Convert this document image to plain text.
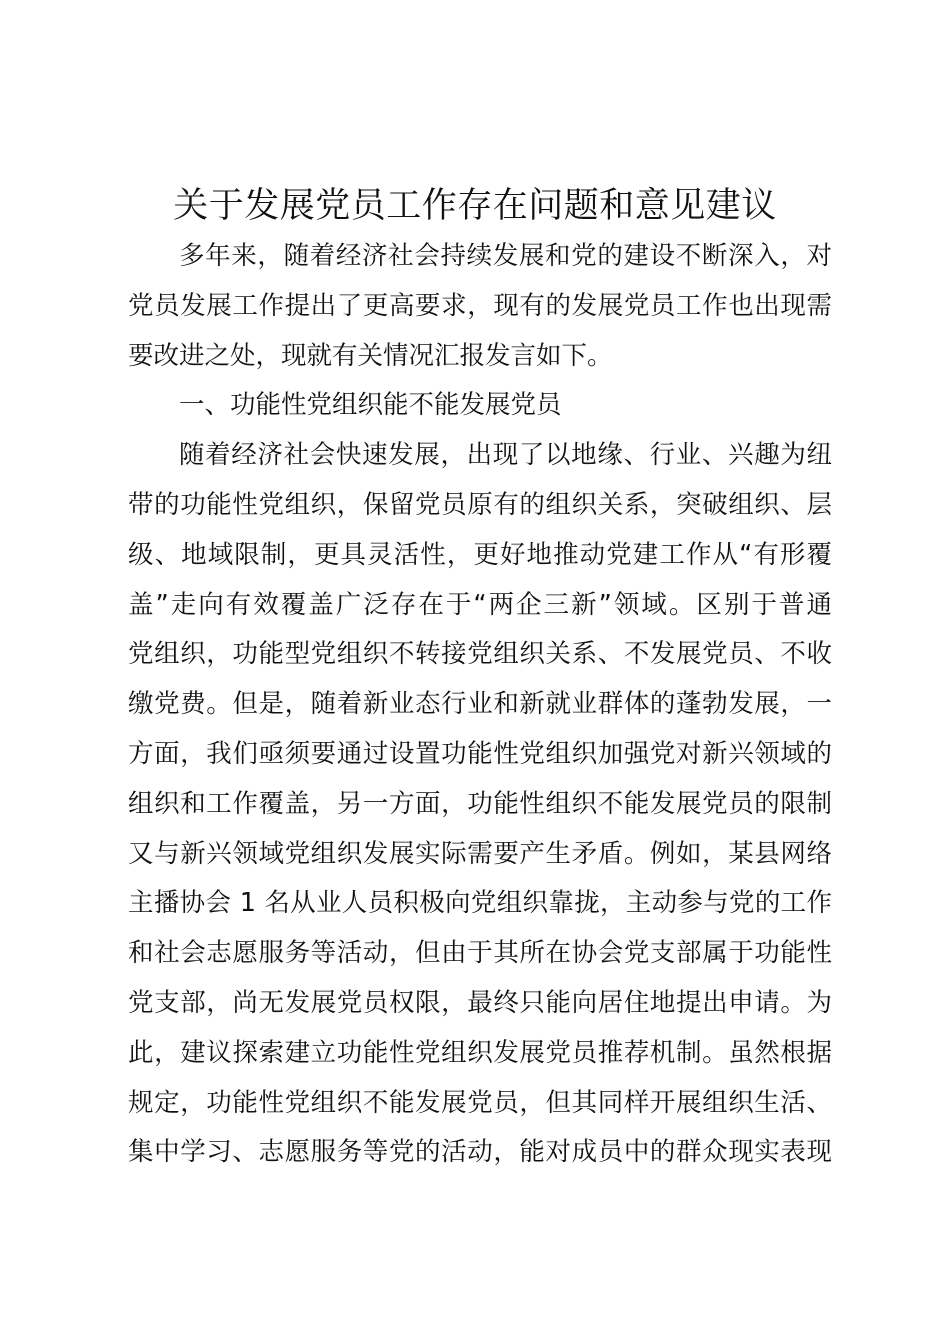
关于发展党员工作存在问题和意见建议
多年来，随着经济社会持续发展和党的建设不断深入，对
党员发展工作提出了更高要求，现有的发展党员工作也出现需
要改进之处，现就有关情况汇报发言如下。
一、功能性党组织能不能发展党员
随着经济社会快速发展，出现了以地缘、行业、兴趣为纽
带的功能性党组织，保留党员原有的组织关系，突破组织、层
级、地域限制，更具灵活性，更好地推动党建工作从“有形覆
盖”走向有效覆盖广泛存在于“两企三新”领域。区别于普通
党组织，功能型党组织不转接党组织关系、不发展党员、不收
缴党费。但是，随着新业态行业和新就业群体的蓬勃发展，一
方面，我们亟须要通过设置功能性党组织加强党对新兴领域的
组织和工作覆盖，另一方面，功能性组织不能发展党员的限制
又与新兴领域党组织发展实际需要产生矛盾。例如，某县网络
主播协会 1 名从业人员积极向党组织靠拢，主动参与党的工作
和社会志愿服务等活动，但由于其所在协会党支部属于功能性
党支部，尚无发展党员权限，最终只能向居住地提出申请。为
此，建议探索建立功能性党组织发展党员推荐机制。虽然根据
规定，功能性党组织不能发展党员，但其同样开展组织生活、
集中学习、志愿服务等党的活动，能对成员中的群众现实表现
